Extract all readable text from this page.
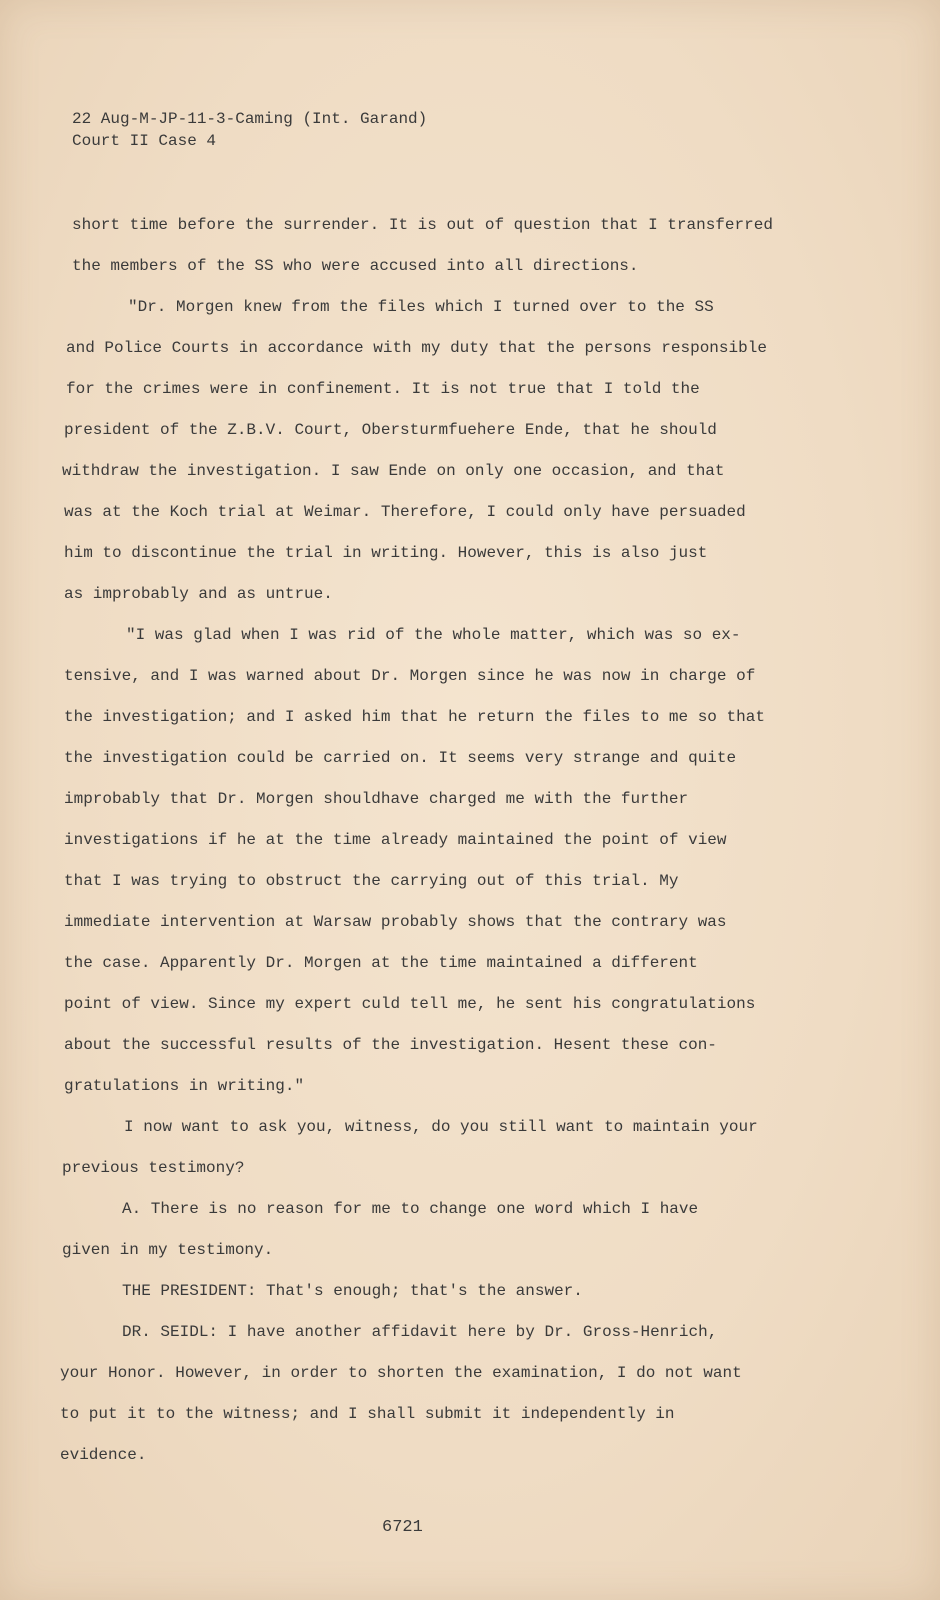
22 Aug-M-JP-11-3-Caming (Int. Garand)
Court II Case 4
short time before the surrender. It is out of question that I transferred
the members of the SS who were accused into all directions.
"Dr. Morgen knew from the files which I turned over to the SS
and Police Courts in accordance with my duty that the persons responsible
for the crimes were in confinement. It is not true that I told the
president of the Z.B.V. Court, Obersturmfuehere Ende, that he should
withdraw the investigation. I saw Ende on only one occasion, and that
was at the Koch trial at Weimar. Therefore, I could only have persuaded
him to discontinue the trial in writing. However, this is also just
as improbably and as untrue.
"I was glad when I was rid of the whole matter, which was so ex-
tensive, and I was warned about Dr. Morgen since he was now in charge of
the investigation; and I asked him that he return the files to me so that
the investigation could be carried on. It seems very strange and quite
improbably that Dr. Morgen shouldhave charged me with the further
investigations if he at the time already maintained the point of view
that I was trying to obstruct the carrying out of this trial. My
immediate intervention at Warsaw probably shows that the contrary was
the case. Apparently Dr. Morgen at the time maintained a different
point of view. Since my expert culd tell me, he sent his congratulations
about the successful results of the investigation. Hesent these con-
gratulations in writing."
I now want to ask you, witness, do you still want to maintain your
previous testimony?
A. There is no reason for me to change one word which I have
given in my testimony.
THE PRESIDENT: That's enough; that's the answer.
DR. SEIDL: I have another affidavit here by Dr. Gross-Henrich,
your Honor. However, in order to shorten the examination, I do not want
to put it to the witness; and I shall submit it independently in
evidence.
6721
